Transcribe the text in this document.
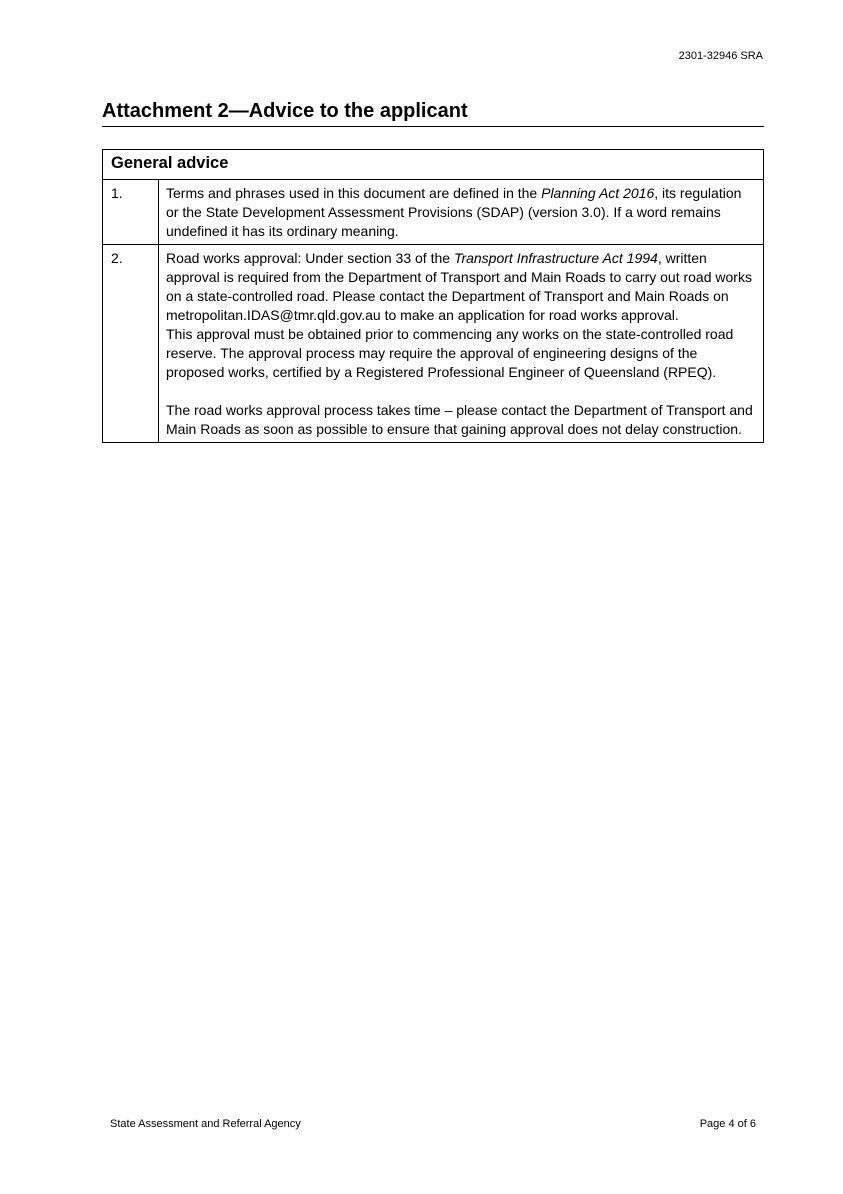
2301-32946 SRA
Attachment 2—Advice to the applicant
General advice	
1.	Terms and phrases used in this document are defined in the Planning Act 2016, its regulation or the State Development Assessment Provisions (SDAP) (version 3.0). If a word remains undefined it has its ordinary meaning.
2.	Road works approval: Under section 33 of the Transport Infrastructure Act 1994, written approval is required from the Department of Transport and Main Roads to carry out road works on a state-controlled road. Please contact the Department of Transport and Main Roads on metropolitan.IDAS@tmr.qld.gov.au to make an application for road works approval.
This approval must be obtained prior to commencing any works on the state-controlled road reserve. The approval process may require the approval of engineering designs of the proposed works, certified by a Registered Professional Engineer of Queensland (RPEQ).
The road works approval process takes time – please contact the Department of Transport and Main Roads as soon as possible to ensure that gaining approval does not delay construction.
State Assessment and Referral Agency	Page 4 of 6
